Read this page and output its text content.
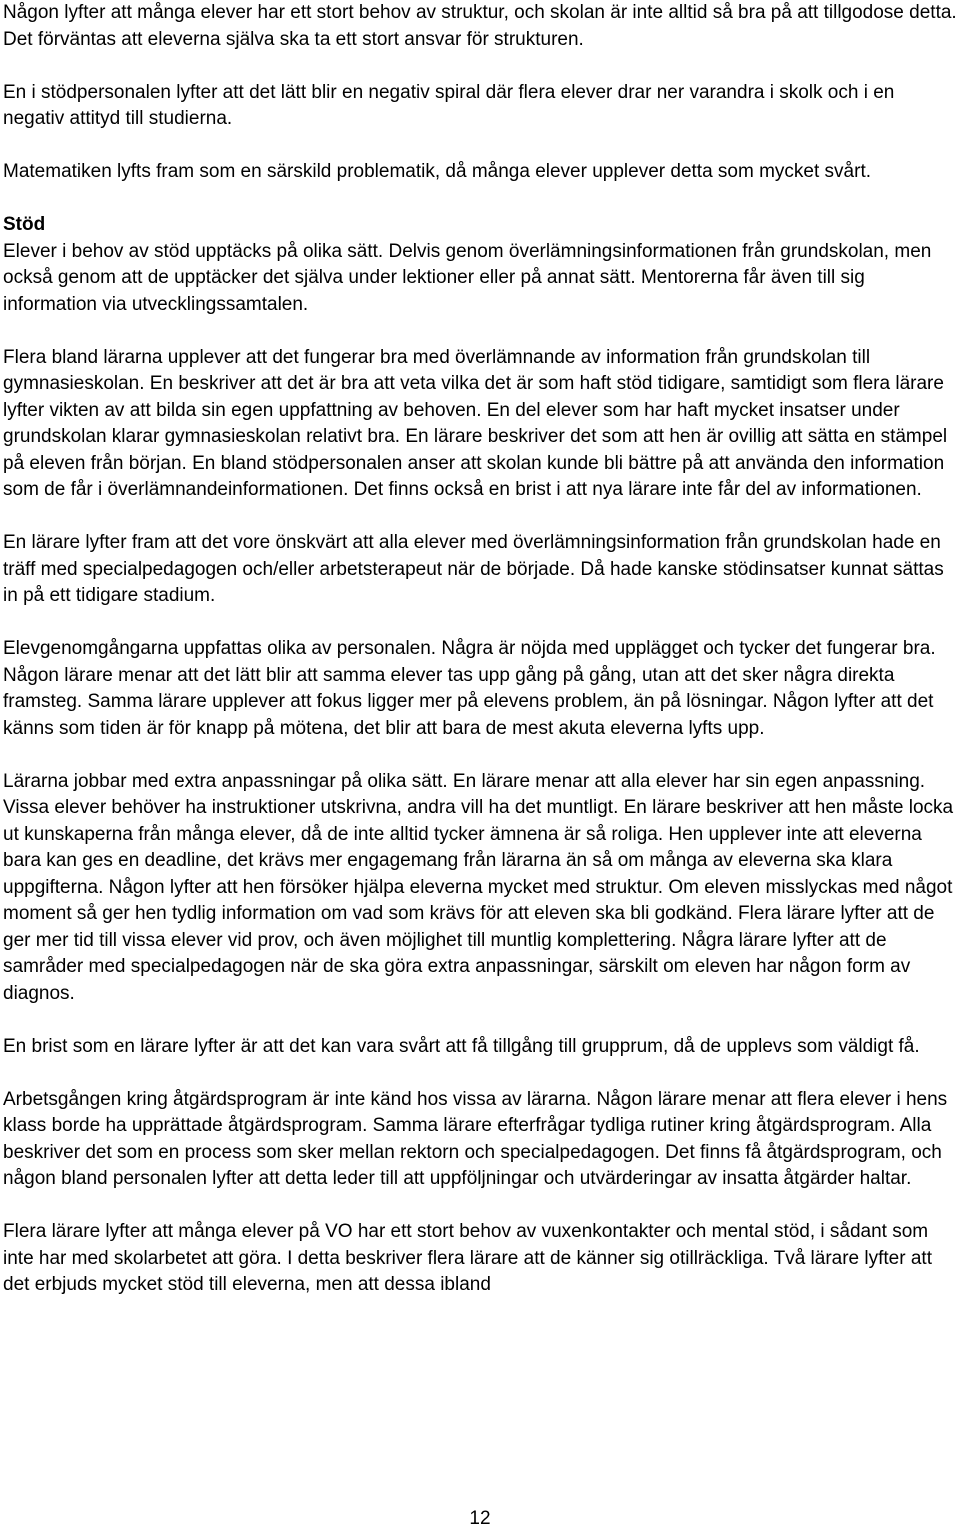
Någon lyfter att många elever har ett stort behov av struktur, och skolan är inte alltid så bra på att tillgodose detta. Det förväntas att eleverna själva ska ta ett stort ansvar för strukturen.

En i stödpersonalen lyfter att det lätt blir en negativ spiral där flera elever drar ner varandra i skolk och i en negativ attityd till studierna.

Matematiken lyfts fram som en särskild problematik, då många elever upplever detta som mycket svårt.

Stöd

Elever i behov av stöd upptäcks på olika sätt. Delvis genom överlämningsinformationen från grundskolan, men också genom att de upptäcker det själva under lektioner eller på annat sätt. Mentorerna får även till sig information via utvecklingssamtalen.

Flera bland lärarna upplever att det fungerar bra med överlämnande av information från grundskolan till gymnasieskolan. En beskriver att det är bra att veta vilka det är som haft stöd tidigare, samtidigt som flera lärare lyfter vikten av att bilda sin egen uppfattning av behoven. En del elever som har haft mycket insatser under grundskolan klarar gymnasieskolan relativt bra. En lärare beskriver det som att hen är ovillig att sätta en stämpel på eleven från början. En bland stödpersonalen anser att skolan kunde bli bättre på att använda den information som de får i överlämnandeinformationen. Det finns också en brist i att nya lärare inte får del av informationen.

En lärare lyfter fram att det vore önskvärt att alla elever med överlämningsinformation från grundskolan hade en träff med specialpedagogen och/eller arbetsterapeut när de började. Då hade kanske stödinsatser kunnat sättas in på ett tidigare stadium.

Elevgenomgångarna uppfattas olika av personalen. Några är nöjda med upplägget och tycker det fungerar bra. Någon lärare menar att det lätt blir att samma elever tas upp gång på gång, utan att det sker några direkta framsteg. Samma lärare upplever att fokus ligger mer på elevens problem, än på lösningar. Någon lyfter att det känns som tiden är för knapp på mötena, det blir att bara de mest akuta eleverna lyfts upp.

Lärarna jobbar med extra anpassningar på olika sätt. En lärare menar att alla elever har sin egen anpassning. Vissa elever behöver ha instruktioner utskrivna, andra vill ha det muntligt. En lärare beskriver att hen måste locka ut kunskaperna från många elever, då de inte alltid tycker ämnena är så roliga. Hen upplever inte att eleverna bara kan ges en deadline, det krävs mer engagemang från lärarna än så om många av eleverna ska klara uppgifterna. Någon lyfter att hen försöker hjälpa eleverna mycket med struktur. Om eleven misslyckas med något moment så ger hen tydlig information om vad som krävs för att eleven ska bli godkänd. Flera lärare lyfter att de ger mer tid till vissa elever vid prov, och även möjlighet till muntlig komplettering. Några lärare lyfter att de samråder med specialpedagogen när de ska göra extra anpassningar, särskilt om eleven har någon form av diagnos.

En brist som en lärare lyfter är att det kan vara svårt att få tillgång till grupprum, då de upplevs som väldigt få.

Arbetsgången kring åtgärdsprogram är inte känd hos vissa av lärarna. Någon lärare menar att flera elever i hens klass borde ha upprättade åtgärdsprogram. Samma lärare efterfrågar tydliga rutiner kring åtgärdsprogram. Alla beskriver det som en process som sker mellan rektorn och specialpedagogen. Det finns få åtgärdsprogram, och någon bland personalen lyfter att detta leder till att uppföljningar och utvärderingar av insatta åtgärder haltar.

Flera lärare lyfter att många elever på VO har ett stort behov av vuxenkontakter och mental stöd, i sådant som inte har med skolarbetet att göra. I detta beskriver flera lärare att de känner sig otillräckliga. Två lärare lyfter att det erbjuds mycket stöd till eleverna, men att dessa ibland

12
